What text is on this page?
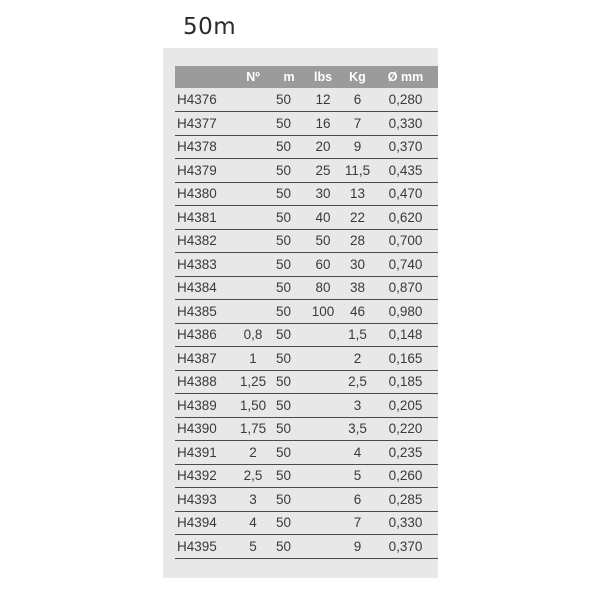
50m
	Nº	m	lbs	Kg	Ø mm
H4376		50	12	6	0,280
H4377		50	16	7	0,330
H4378		50	20	9	0,370
H4379		50	25	11,5	0,435
H4380		50	30	13	0,470
H4381		50	40	22	0,620
H4382		50	50	28	0,700
H4383		50	60	30	0,740
H4384		50	80	38	0,870
H4385		50	100	46	0,980
H4386	0,8	50		1,5	0,148
H4387	1	50		2	0,165
H4388	1,25	50		2,5	0,185
H4389	1,50	50		3	0,205
H4390	1,75	50		3,5	0,220
H4391	2	50		4	0,235
H4392	2,5	50		5	0,260
H4393	3	50		6	0,285
H4394	4	50		7	0,330
H4395	5	50		9	0,370
